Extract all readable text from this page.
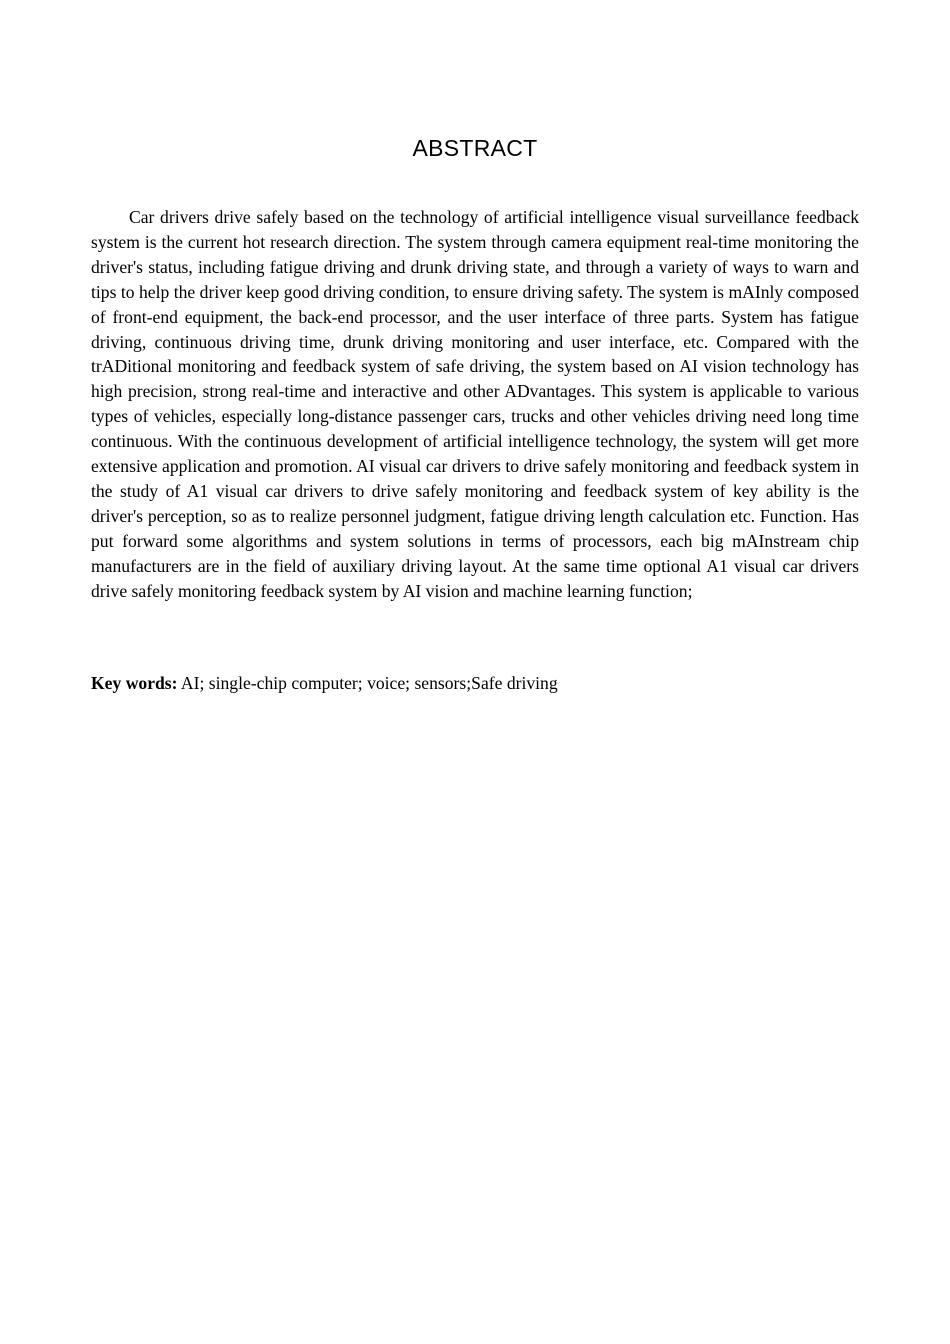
ABSTRACT

Car drivers drive safely based on the technology of artificial intelligence visual surveillance feedback system is the current hot research direction. The system through camera equipment real-time monitoring the driver's status, including fatigue driving and drunk driving state, and through a variety of ways to warn and tips to help the driver keep good driving condition, to ensure driving safety. The system is mAInly composed of front-end equipment, the back-end processor, and the user interface of three parts. System has fatigue driving, continuous driving time, drunk driving monitoring and user interface, etc. Compared with the trADitional monitoring and feedback system of safe driving, the system based on AI vision technology has high precision, strong real-time and interactive and other ADvantages. This system is applicable to various types of vehicles, especially long-distance passenger cars, trucks and other vehicles driving need long time continuous. With the continuous development of artificial intelligence technology, the system will get more extensive application and promotion. AI visual car drivers to drive safely monitoring and feedback system in the study of A1 visual car drivers to drive safely monitoring and feedback system of key ability is the driver's perception, so as to realize personnel judgment, fatigue driving length calculation etc. Function. Has put forward some algorithms and system solutions in terms of processors, each big mAInstream chip manufacturers are in the field of auxiliary driving layout. At the same time optional A1 visual car drivers drive safely monitoring feedback system by AI vision and machine learning function;

Key words: AI; single-chip computer; voice; sensors;Safe driving
